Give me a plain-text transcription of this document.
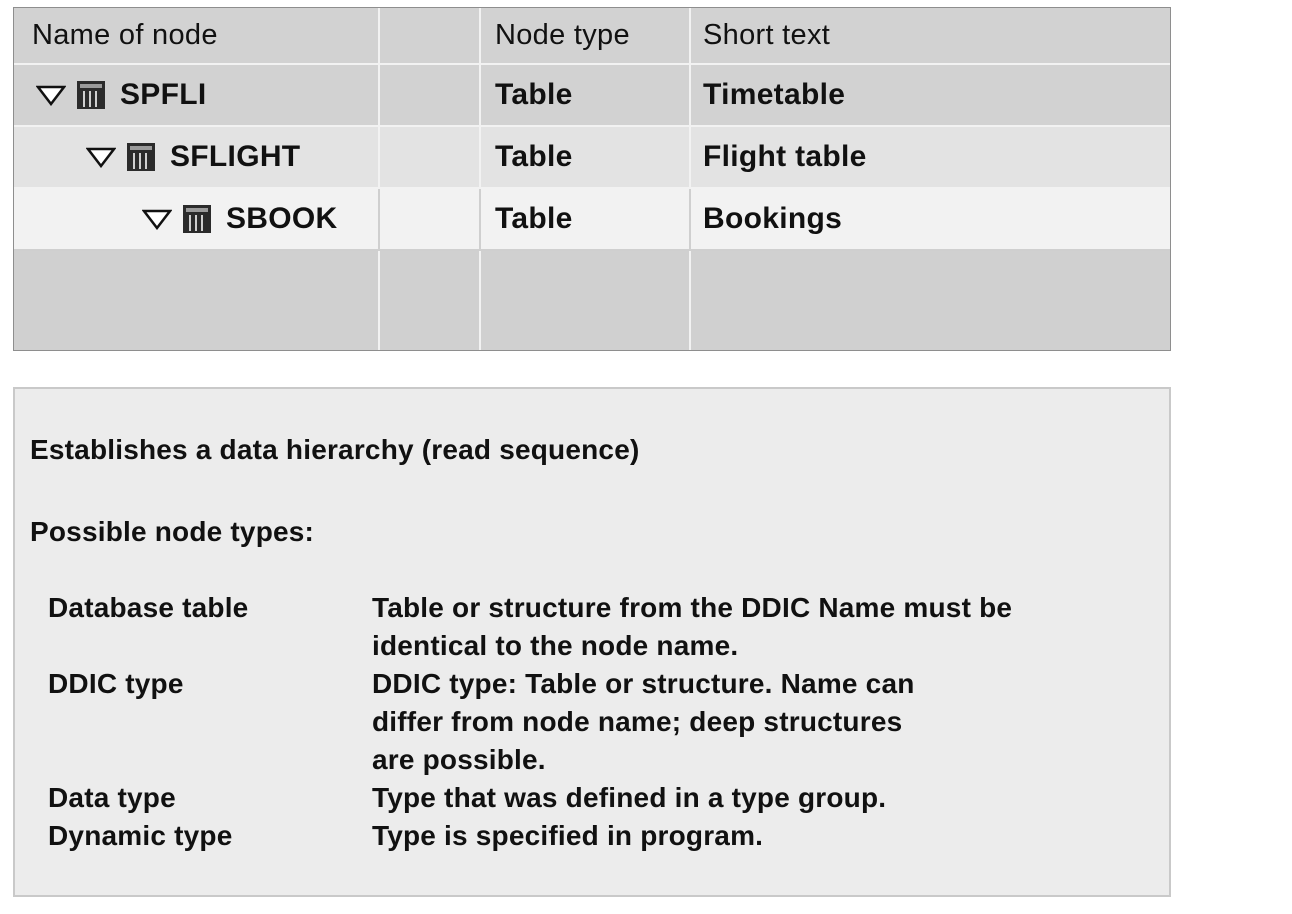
Name of node	Node type	Short text
SPFLI	Table	Timetable
SFLIGHT	Table	Flight table
SBOOK	Table	Bookings
Establishes a data hierarchy (read sequence)
Possible node types:
Database table	Table or structure from the DDIC Name must be
identical to the node name.
DDIC type	DDIC type: Table or structure. Name can
differ from node name; deep structures
are possible.
Data type	Type that was defined in a type group.
Dynamic type	Type is specified in program.
